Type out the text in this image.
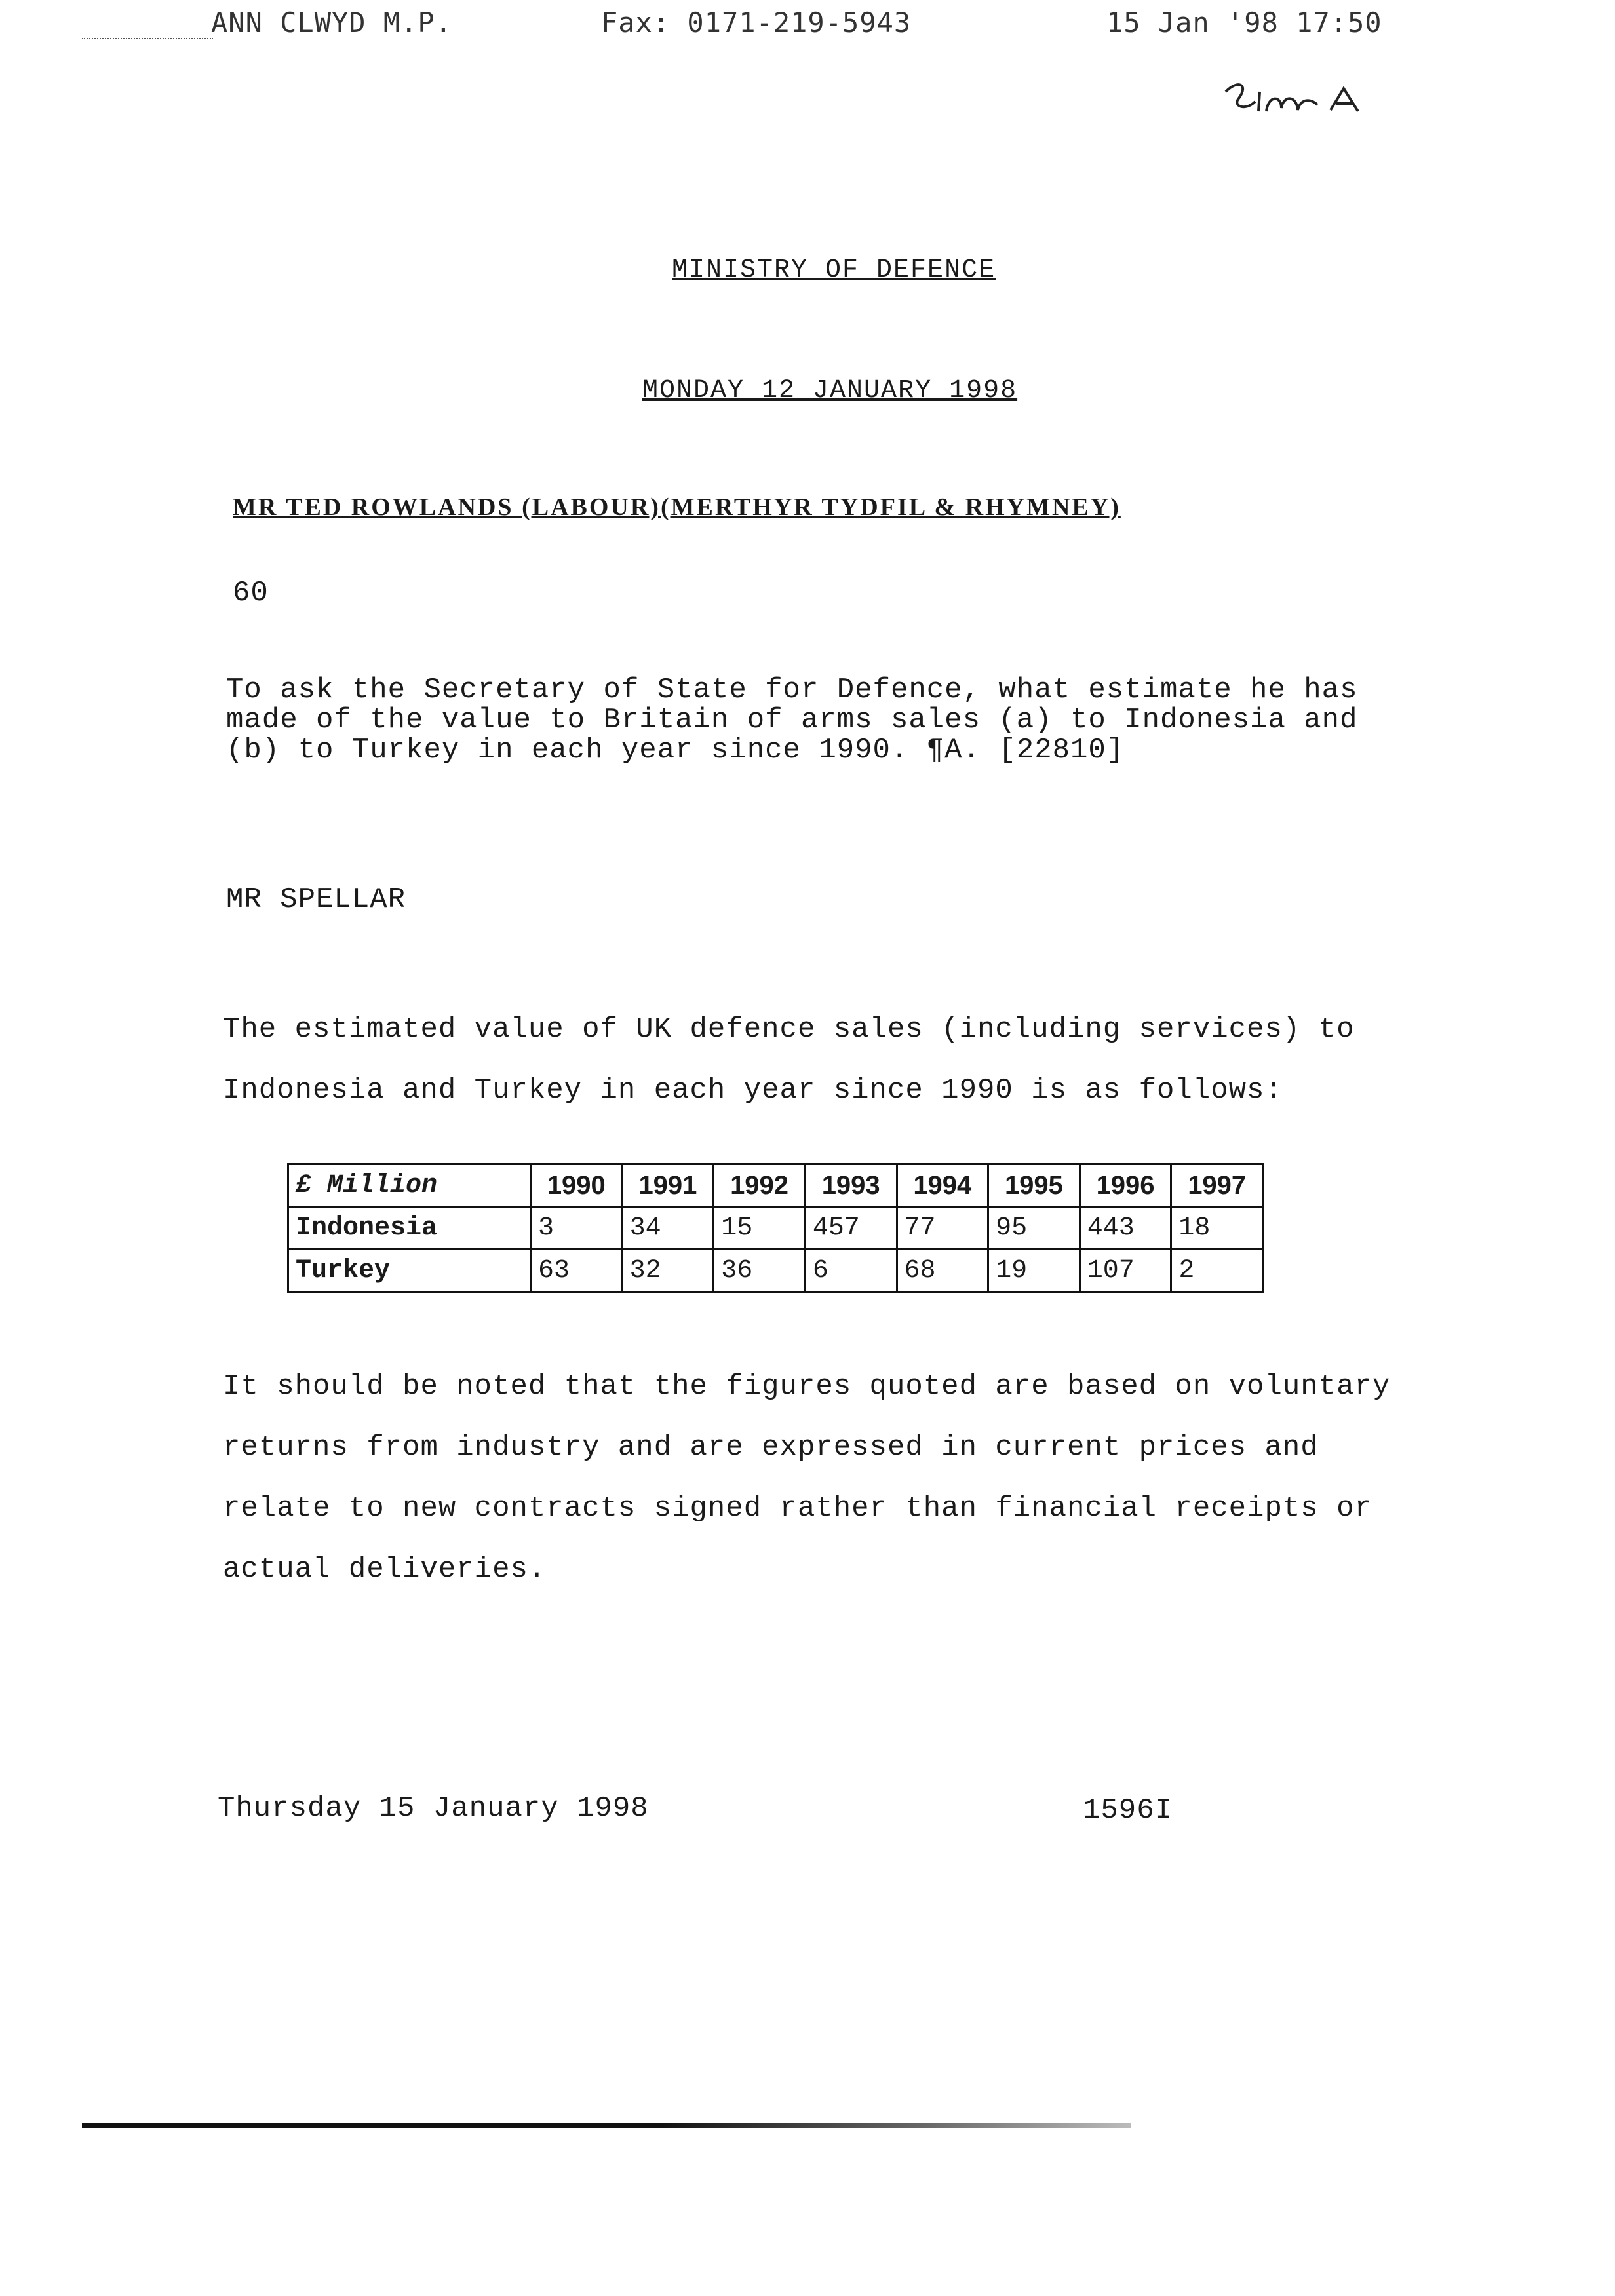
ANN CLWYD M.P.	Fax: 0171-219-5943	15 Jan '98 17:50
MINISTRY OF DEFENCE
MONDAY 12 JANUARY 1998
MR TED ROWLANDS (LABOUR)(MERTHYR TYDFIL & RHYMNEY)
60
To ask the Secretary of State for Defence, what estimate he has
made of the value to Britain of arms sales (a) to Indonesia and
(b) to Turkey in each year since 1990. ¶A. [22810]
MR SPELLAR
The estimated value of UK defence sales (including services) to
Indonesia and Turkey in each year since 1990 is as follows:
£ Million	1990	1991	1992	1993	1994	1995	1996	1997
Indonesia	3	34	15	457	77	95	443	18
Turkey	63	32	36	6	68	19	107	2
It should be noted that the figures quoted are based on voluntary
returns from industry and are expressed in current prices and
relate to new contracts signed rather than financial receipts or
actual deliveries.
Thursday 15 January 1998	1596I
